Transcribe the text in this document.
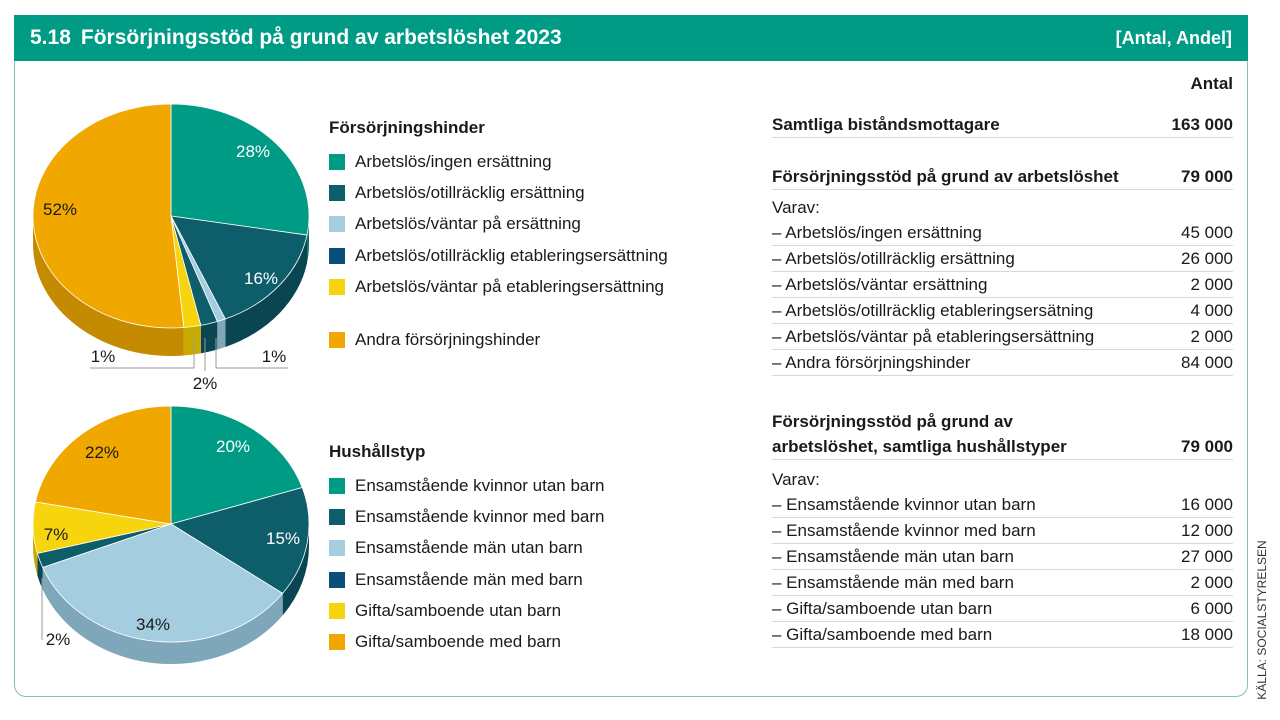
5.18 Försörjningsstöd på grund av arbetslöshet 2023	[Antal, Andel]
28%
16%
52%
1%	1%
2%
20%
15%
34%
7%
22%
2%
Försörjningshinder
Arbetslös/ingen ersättning
Arbetslös/otillräcklig ersättning
Arbetslös/väntar på ersättning
Arbetslös/otillräcklig etableringsersättning
Arbetslös/väntar på etableringsersättning
Andra försörjningshinder
Hushållstyp
Ensamstående kvinnor utan barn
Ensamstående kvinnor med barn
Ensamstående män utan barn
Ensamstående män med barn
Gifta/samboende utan barn
Gifta/samboende med barn
Antal
Samtliga biståndsmottagare	163 000
Försörjningsstöd på grund av arbetslöshet	79 000
Varav:
– Arbetslös/ingen ersättning	45 000
– Arbetslös/otillräcklig ersättning	26 000
– Arbetslös/väntar ersättning	2 000
– Arbetslös/otillräcklig etableringsersätning	4 000
– Arbetslös/väntar på etableringsersättning	2 000
– Andra försörjningshinder	84 000
Försörjningsstöd på grund av
arbetslöshet, samtliga hushållstyper	79 000
Varav:
– Ensamstående kvinnor utan barn	16 000
– Ensamstående kvinnor med barn	12 000
– Ensamstående män utan barn	27 000
– Ensamstående män med barn	2 000
– Gifta/samboende utan barn	6 000
– Gifta/samboende med barn	18 000 KÄLLA: SOCIALSTYRELSEN
